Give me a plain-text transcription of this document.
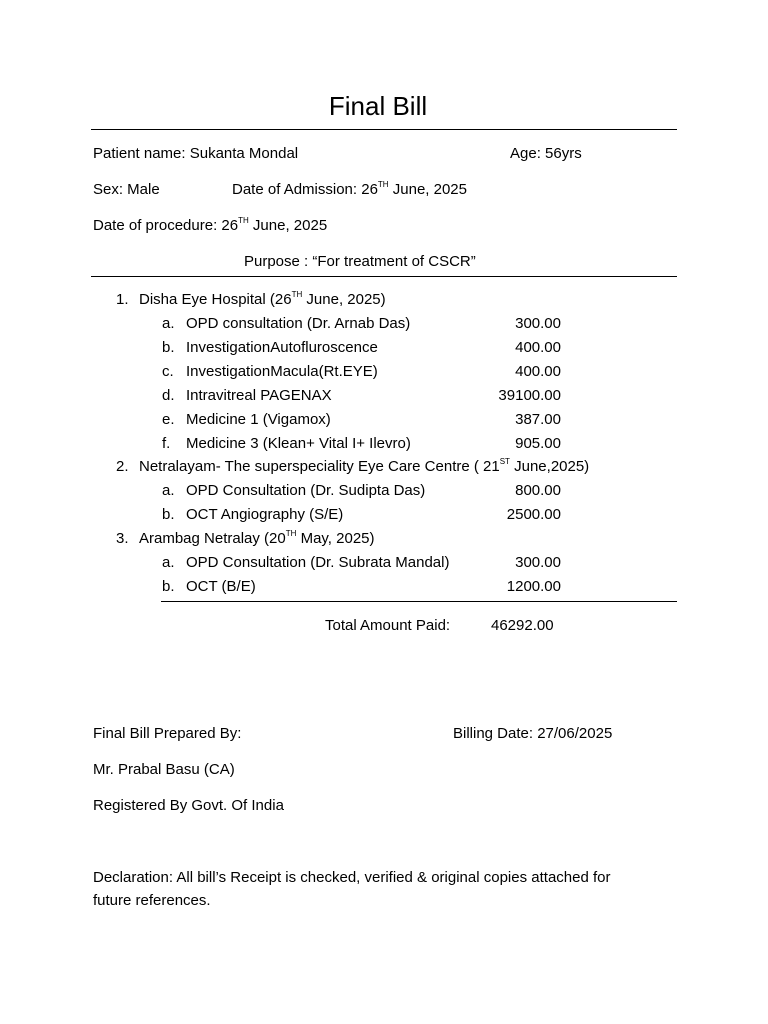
Final Bill
Patient name: Sukanta Mondal	Age: 56yrs
Sex: Male	Date of Admission: 26TH June, 2025
Date of procedure: 26TH June, 2025
Purpose : “For treatment of CSCR”
1. Disha Eye Hospital (26TH June, 2025)
a. OPD consultation (Dr. Arnab Das)	300.00
b. InvestigationAutofluroscence	400.00
c. InvestigationMacula(Rt.EYE)	400.00
d. Intravitreal PAGENAX	39100.00
e. Medicine 1 (Vigamox)	387.00
f. Medicine 3 (Klean+ Vital I+ Ilevro)	905.00
2. Netralayam- The superspeciality Eye Care Centre ( 21ST June,2025)
a. OPD Consultation (Dr. Sudipta Das)	800.00
b. OCT Angiography (S/E)	2500.00
3. Arambag Netralay (20TH May, 2025)
a. OPD Consultation (Dr. Subrata Mandal)	300.00
b. OCT (B/E)	1200.00
Total Amount Paid:	46292.00
Final Bill Prepared By:	Billing Date: 27/06/2025
Mr. Prabal Basu (CA)
Registered By Govt. Of India
Declaration: All bill’s Receipt is checked, verified & original copies attached for
future references.
